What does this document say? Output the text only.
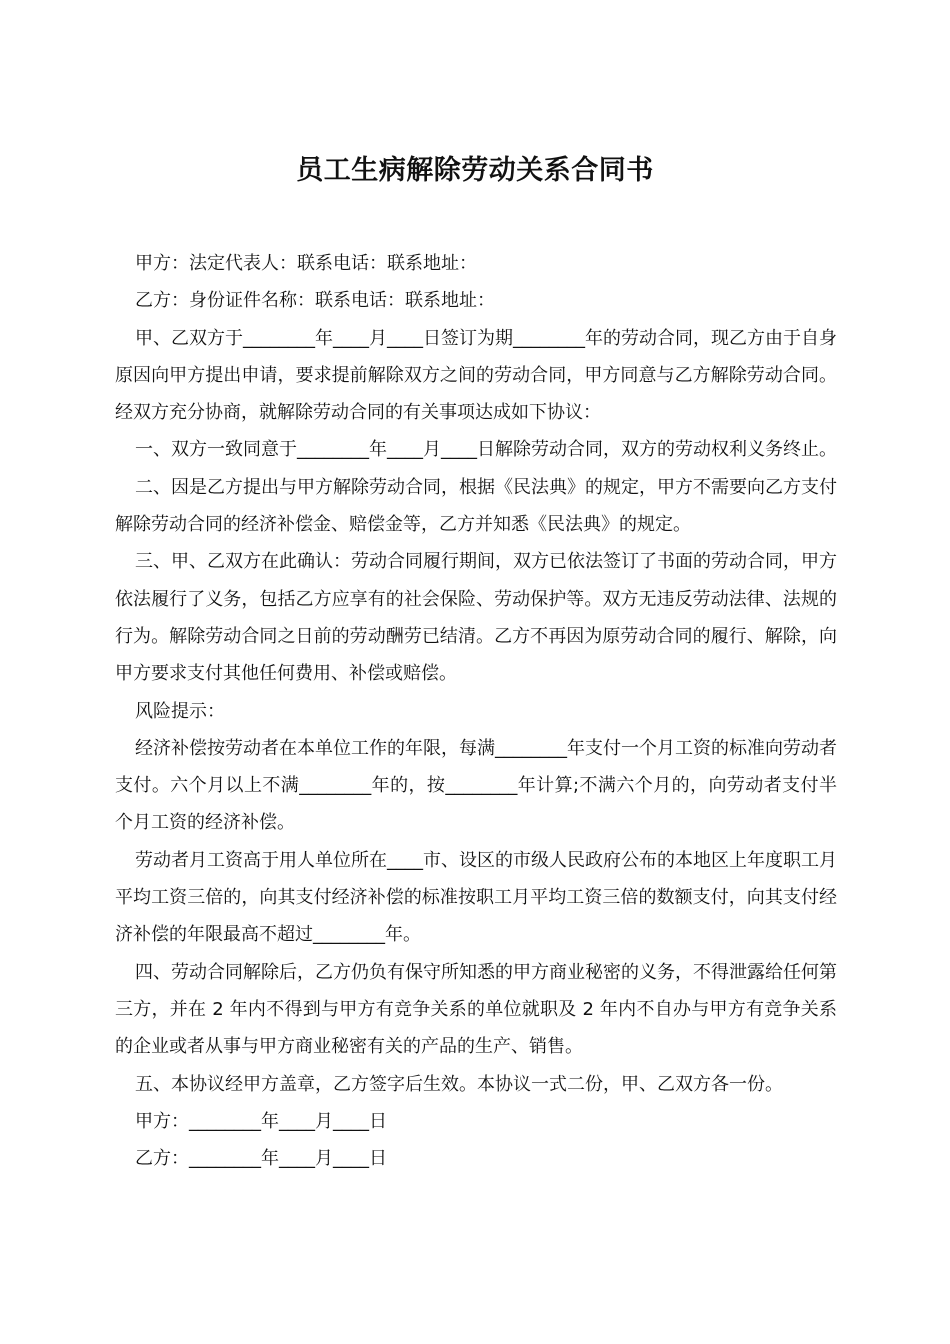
员工生病解除劳动关系合同书

甲方：法定代表人：联系电话：联系地址：

乙方：身份证件名称：联系电话：联系地址：

甲、乙双方于________年____月____日签订为期________年的劳动合同，现乙方由于自身原因向甲方提出申请，要求提前解除双方之间的劳动合同，甲方同意与乙方解除劳动合同。经双方充分协商，就解除劳动合同的有关事项达成如下协议：

一、双方一致同意于________年____月____日解除劳动合同，双方的劳动权利义务终止。

二、因是乙方提出与甲方解除劳动合同，根据《民法典》的规定，甲方不需要向乙方支付解除劳动合同的经济补偿金、赔偿金等，乙方并知悉《民法典》的规定。

三、甲、乙双方在此确认：劳动合同履行期间，双方已依法签订了书面的劳动合同，甲方依法履行了义务，包括乙方应享有的社会保险、劳动保护等。双方无违反劳动法律、法规的行为。解除劳动合同之日前的劳动酬劳已结清。乙方不再因为原劳动合同的履行、解除，向甲方要求支付其他任何费用、补偿或赔偿。

风险提示：

经济补偿按劳动者在本单位工作的年限，每满________年支付一个月工资的标准向劳动者支付。六个月以上不满________年的，按________年计算;不满六个月的，向劳动者支付半个月工资的经济补偿。

劳动者月工资高于用人单位所在____市、设区的市级人民政府公布的本地区上年度职工月平均工资三倍的，向其支付经济补偿的标准按职工月平均工资三倍的数额支付，向其支付经济补偿的年限最高不超过________年。

四、劳动合同解除后，乙方仍负有保守所知悉的甲方商业秘密的义务，不得泄露给任何第三方，并在 2 年内不得到与甲方有竞争关系的单位就职及 2 年内不自办与甲方有竞争关系的企业或者从事与甲方商业秘密有关的产品的生产、销售。

五、本协议经甲方盖章，乙方签字后生效。本协议一式二份，甲、乙双方各一份。

甲方：________年____月____日

乙方：________年____月____日
